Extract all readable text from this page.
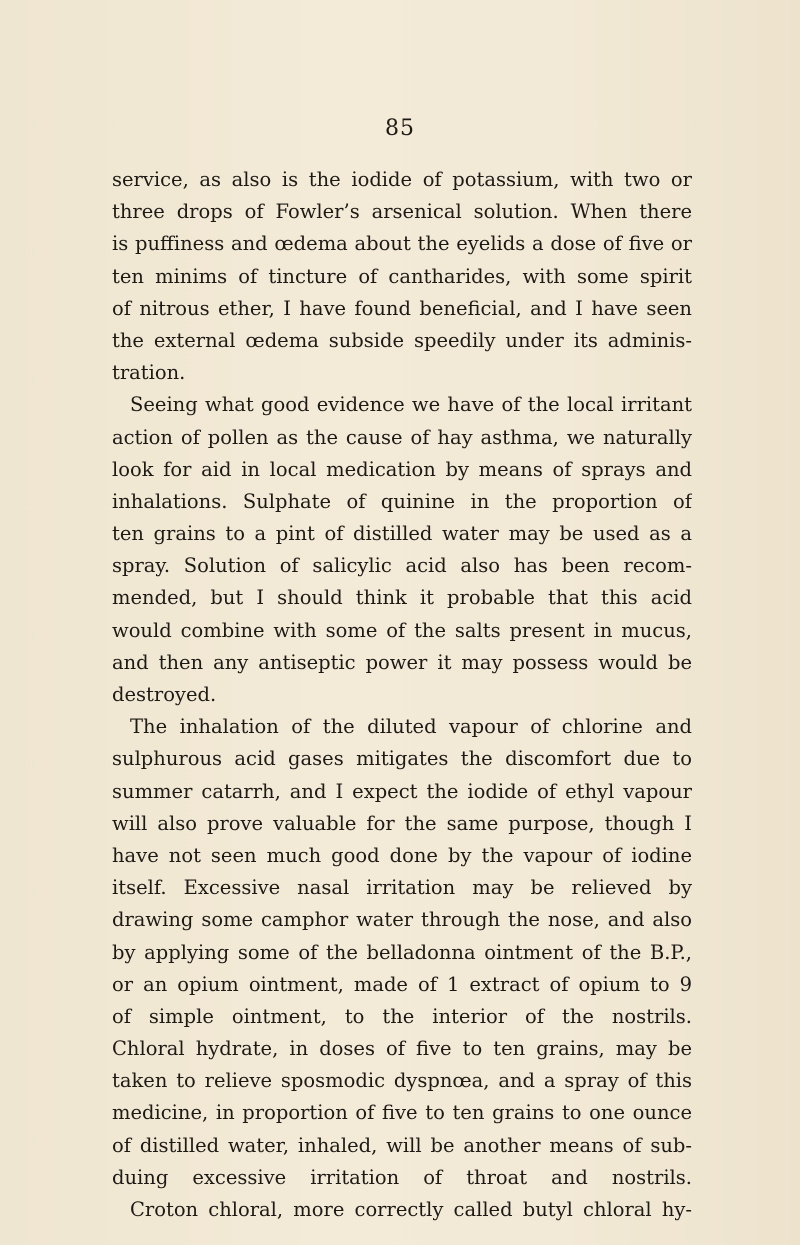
85
service, as also is the iodide of potassium, with two or
three drops of Fowler’s arsenical solution. When there
is puffiness and œdema about the eyelids a dose of five or
ten minims of tincture of cantharides, with some spirit
of nitrous ether, I have found beneficial, and I have seen
the external œdema subside speedily under its adminis-
tration.
Seeing what good evidence we have of the local irritant
action of pollen as the cause of hay asthma, we naturally
look for aid in local medication by means of sprays and
inhalations. Sulphate of quinine in the proportion of
ten grains to a pint of distilled water may be used as a
spray. Solution of salicylic acid also has been recom-
mended, but I should think it probable that this acid
would combine with some of the salts present in mucus,
and then any antiseptic power it may possess would be
destroyed.
The inhalation of the diluted vapour of chlorine and
sulphurous acid gases mitigates the discomfort due to
summer catarrh, and I expect the iodide of ethyl vapour
will also prove valuable for the same purpose, though I
have not seen much good done by the vapour of iodine
itself. Excessive nasal irritation may be relieved by
drawing some camphor water through the nose, and also
by applying some of the belladonna ointment of the B.P.,
or an opium ointment, made of 1 extract of opium to 9
of simple ointment, to the interior of the nostrils.
Chloral hydrate, in doses of five to ten grains, may be
taken to relieve sposmodic dyspnœa, and a spray of this
medicine, in proportion of five to ten grains to one ounce
of distilled water, inhaled, will be another means of sub-
duing excessive irritation of throat and nostrils.
Croton chloral, more correctly called butyl chloral hy-
